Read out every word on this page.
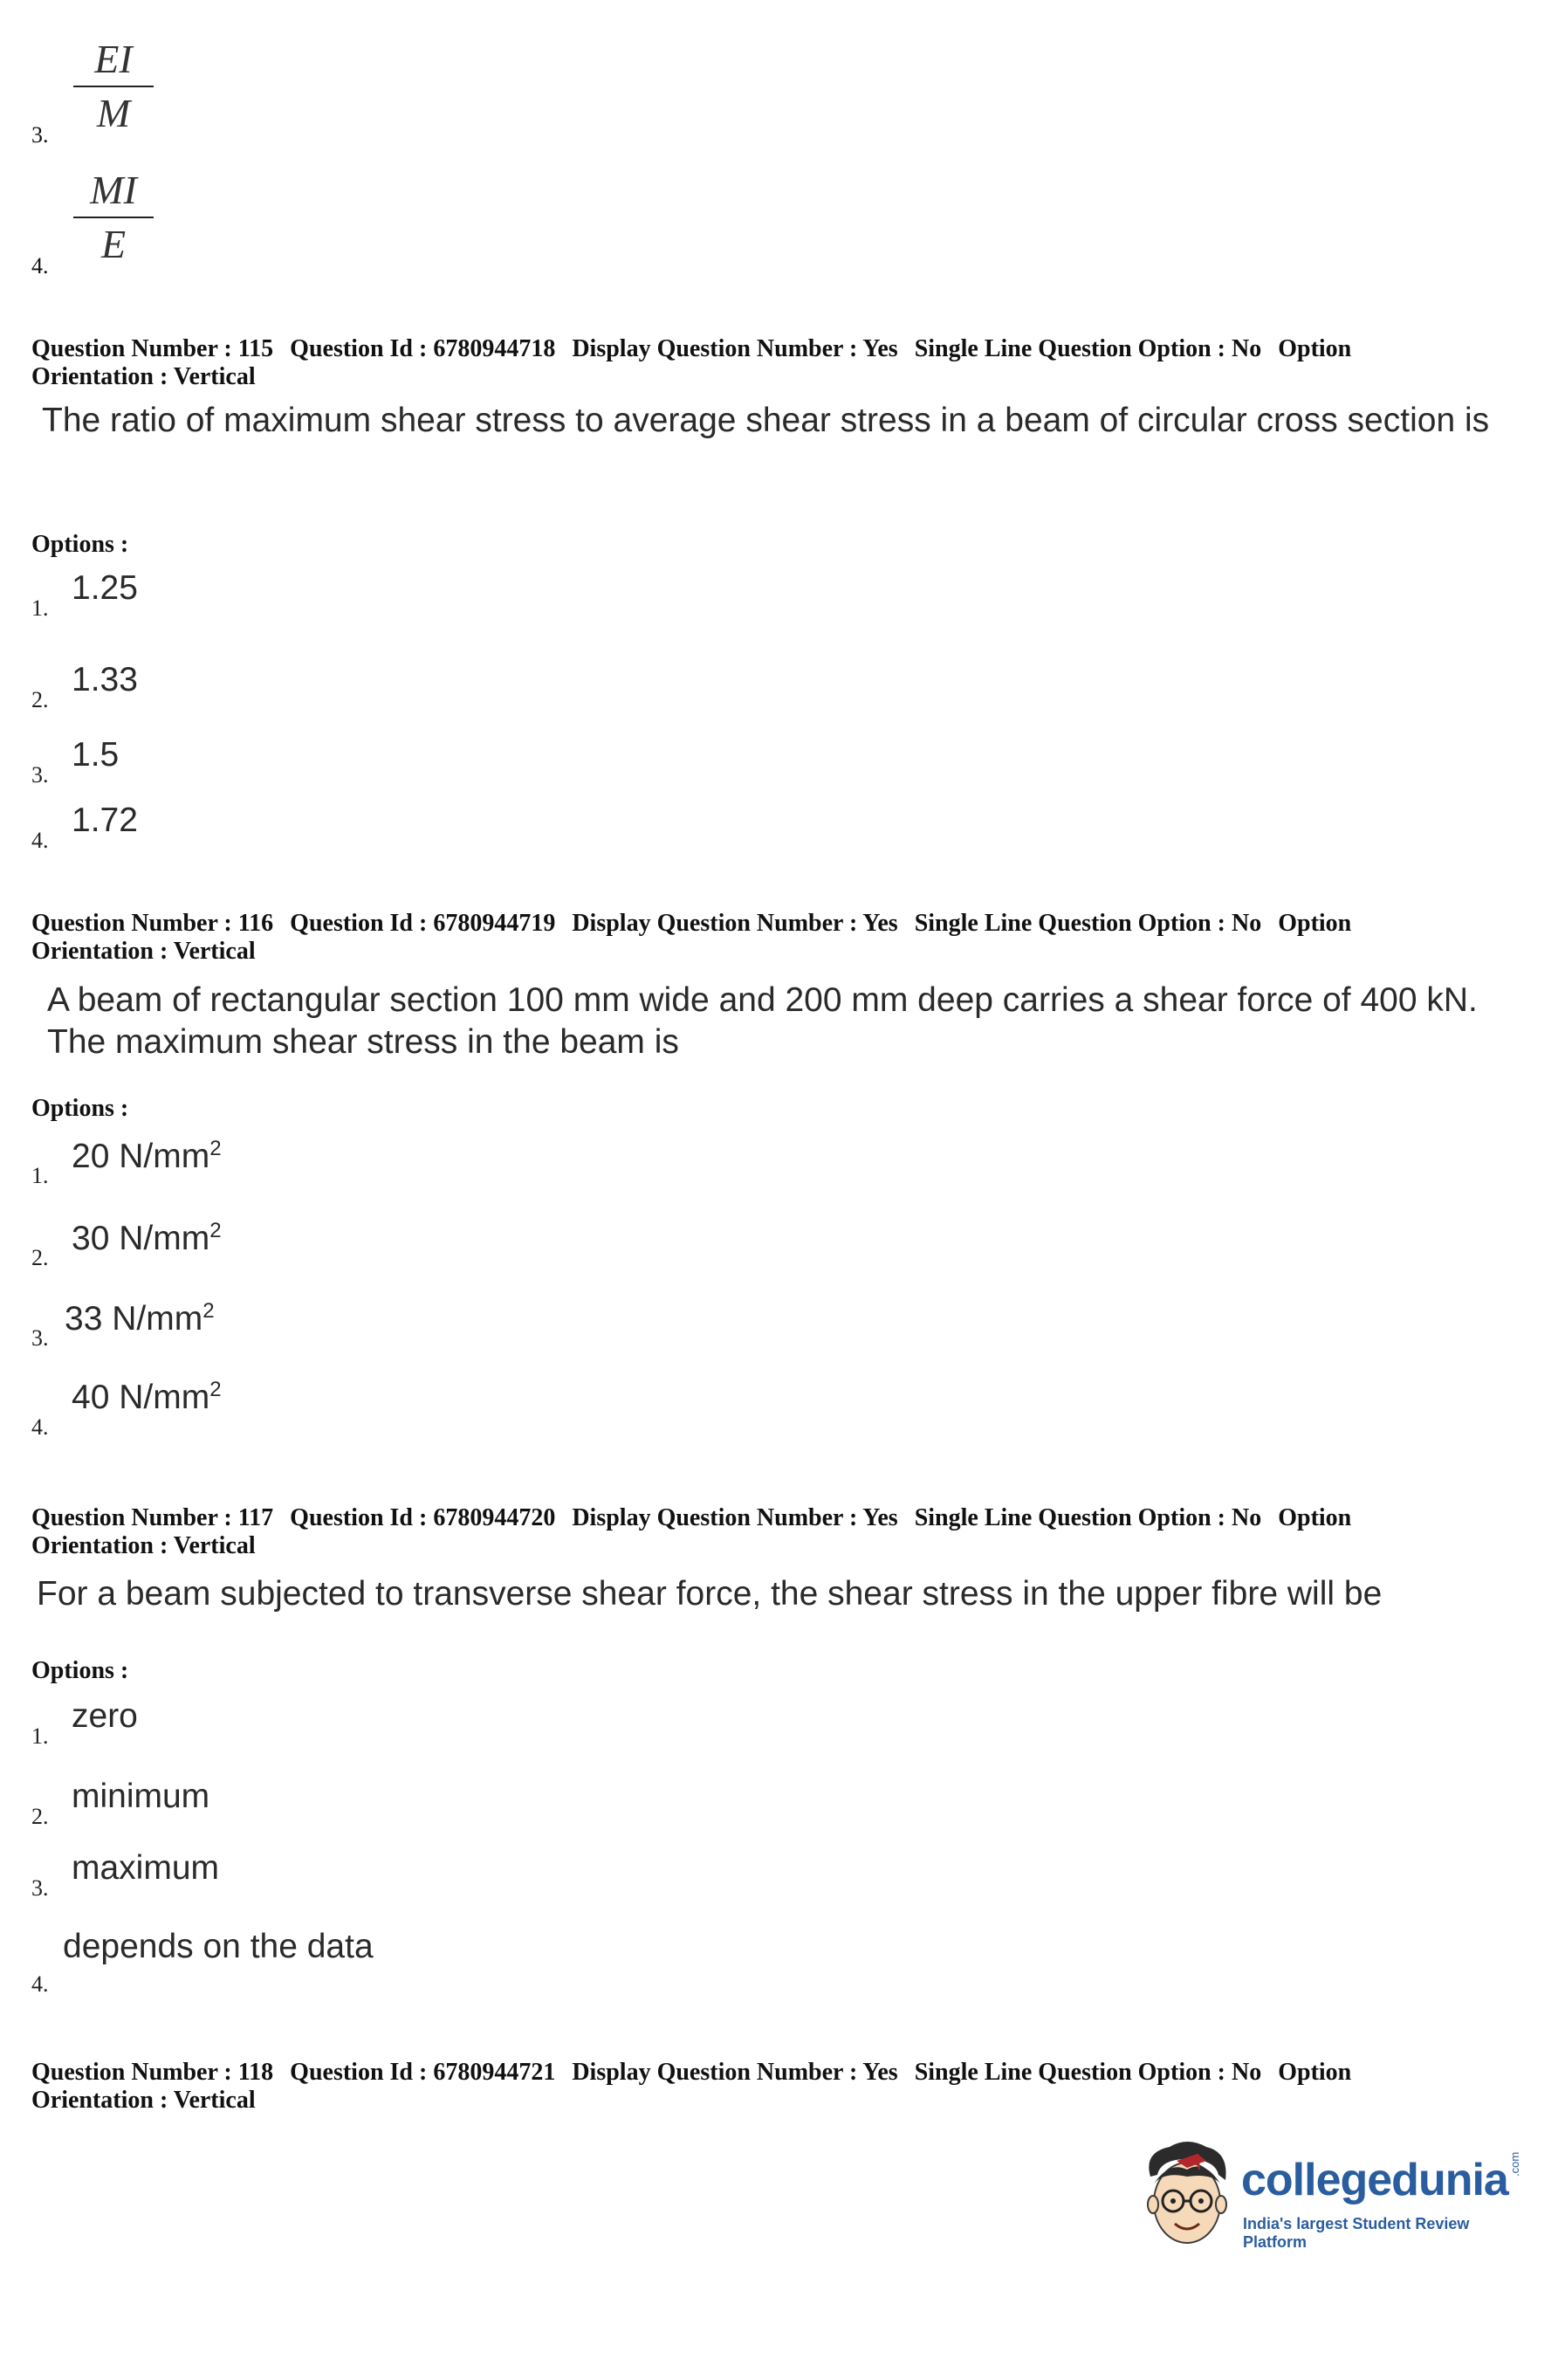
3.
EI
M
4.
MI
E
Question Number : 115 Question Id : 6780944718 Display Question Number : Yes Single Line Question Option : No Option
Orientation : Vertical
The ratio of maximum shear stress to average shear stress in a beam of circular cross section is
Options :
1.
1.25
2.
1.33
3.
1.5
4.
1.72
Question Number : 116 Question Id : 6780944719 Display Question Number : Yes Single Line Question Option : No Option
Orientation : Vertical
A beam of rectangular section 100 mm wide and 200 mm deep carries a shear force of 400 kN. The maximum shear stress in the beam is
Options :
1.
20 $N/mm^2$
2.
30 $N/mm^2$
3.
33 $N/mm^2$
4.
40 $N/mm^2$
Question Number : 117 Question Id : 6780944720 Display Question Number : Yes Single Line Question Option : No Option
Orientation : Vertical
For a beam subjected to transverse shear force, the shear stress in the upper fibre will be
Options :
1.
zero
2.
minimum
3.
maximum
4.
depends on the data
Question Number : 118 Question Id : 6780944721 Display Question Number : Yes Single Line Question Option : No Option
Orientation : Vertical
collegedunia .com
India's largest Student Review Platform
